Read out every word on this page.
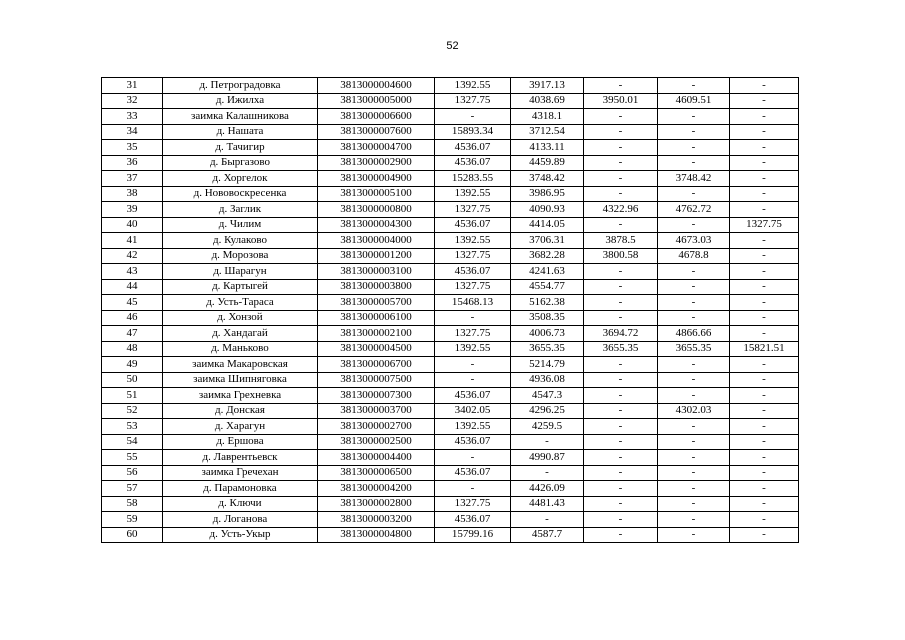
52
31	д. Петроградовка	3813000004600	1392.55	3917.13	-	-	-
32	д. Ижилха	3813000005000	1327.75	4038.69	3950.01	4609.51	-
33	заимка Калашникова	3813000006600	-	4318.1	-	-	-
34	д. Нашата	3813000007600	15893.34	3712.54	-	-	-
35	д. Тачигир	3813000004700	4536.07	4133.11	-	-	-
36	д. Быргазово	3813000002900	4536.07	4459.89	-	-	-
37	д. Хоргелок	3813000004900	15283.55	3748.42	-	3748.42	-
38	д. Нововоскресенка	3813000005100	1392.55	3986.95	-	-	-
39	д. Заглик	3813000000800	1327.75	4090.93	4322.96	4762.72	-
40	д. Чилим	3813000004300	4536.07	4414.05	-	-	1327.75
41	д. Кулаково	3813000004000	1392.55	3706.31	3878.5	4673.03	-
42	д. Морозова	3813000001200	1327.75	3682.28	3800.58	4678.8	-
43	д. Шарагун	3813000003100	4536.07	4241.63	-	-	-
44	д. Картыгей	3813000003800	1327.75	4554.77	-	-	-
45	д. Усть-Тараса	3813000005700	15468.13	5162.38	-	-	-
46	д. Хонзой	3813000006100	-	3508.35	-	-	-
47	д. Хандагай	3813000002100	1327.75	4006.73	3694.72	4866.66	-
48	д. Маньково	3813000004500	1392.55	3655.35	3655.35	3655.35	15821.51
49	заимка Макаровская	3813000006700	-	5214.79	-	-	-
50	заимка Шипняговка	3813000007500	-	4936.08	-	-	-
51	заимка Грехневка	3813000007300	4536.07	4547.3	-	-	-
52	д. Донская	3813000003700	3402.05	4296.25	-	4302.03	-
53	д. Харагун	3813000002700	1392.55	4259.5	-	-	-
54	д. Ершова	3813000002500	4536.07	-	-	-	-
55	д. Лаврентьевск	3813000004400	-	4990.87	-	-	-
56	заимка Гречехан	3813000006500	4536.07	-	-	-	-
57	д. Парамоновка	3813000004200	-	4426.09	-	-	-
58	д. Ключи	3813000002800	1327.75	4481.43	-	-	-
59	д. Логанова	3813000003200	4536.07	-	-	-	-
60	д. Усть-Укыр	3813000004800	15799.16	4587.7	-	-	-
